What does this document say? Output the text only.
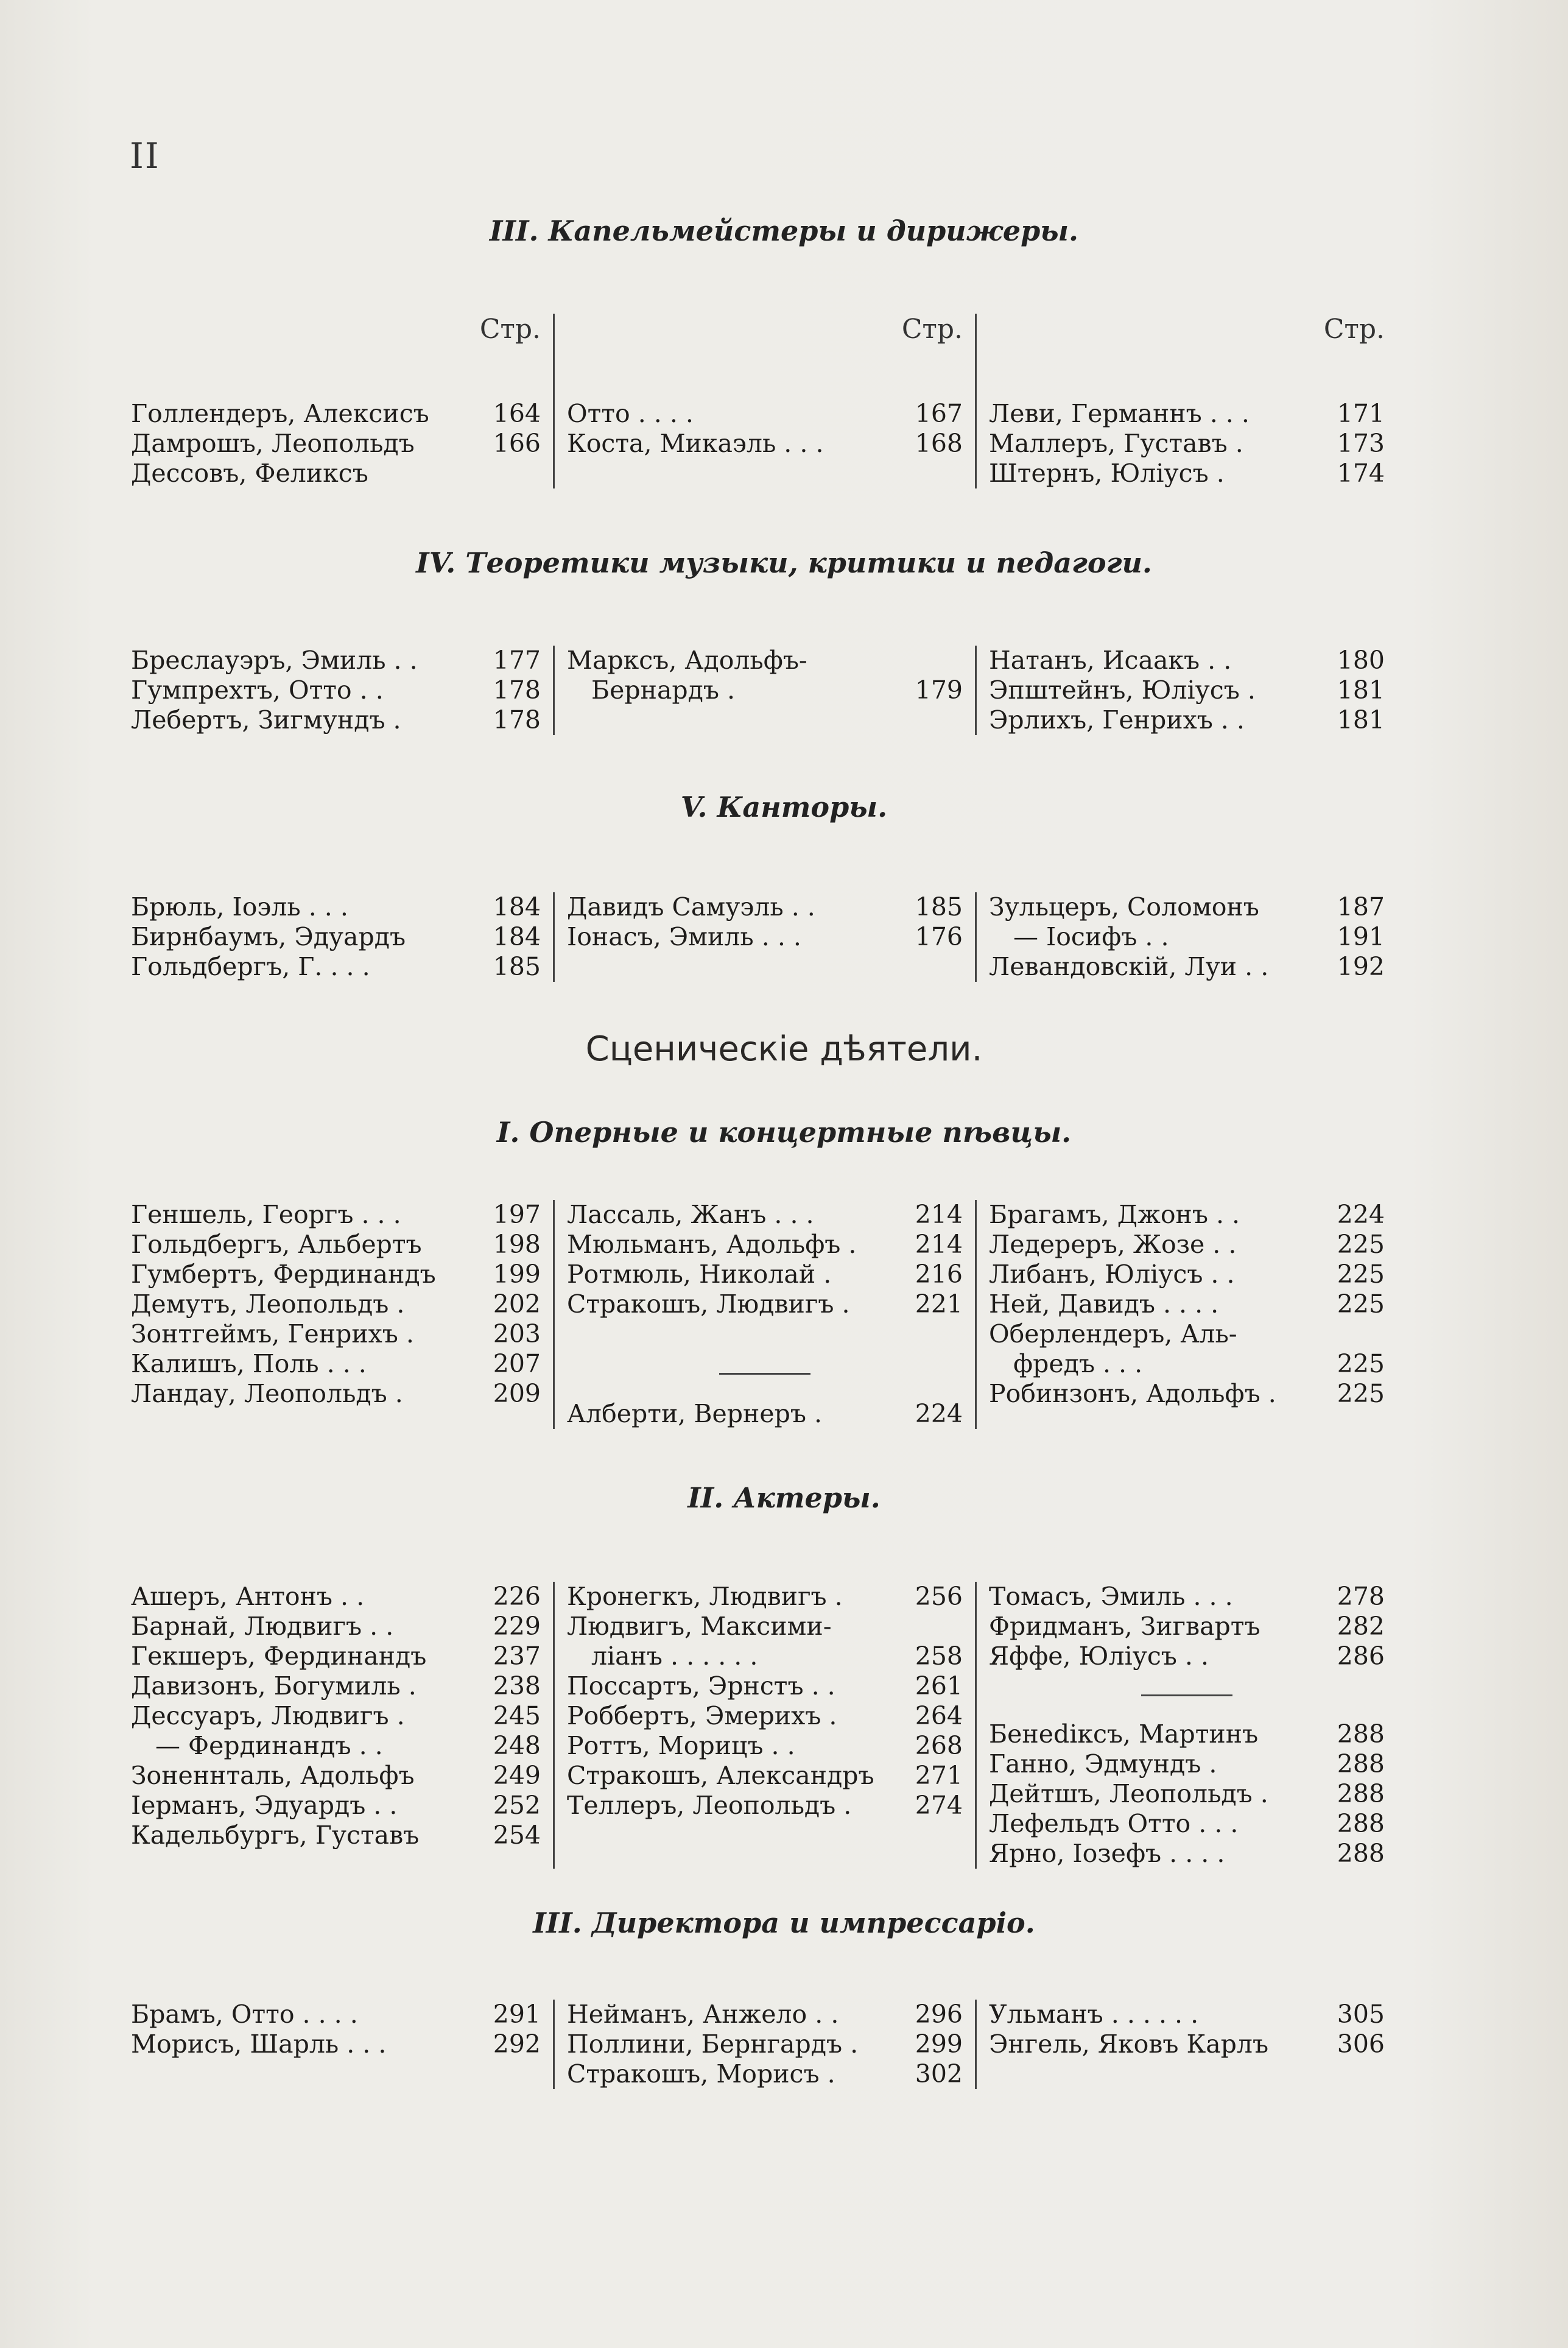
II
III. Капельмейстеры и дирижеры.
Стр.
Голлендеръ, Алексисъ	164
Дамрошъ, Леопольдъ	166
Дессовъ, Феликсъ
Стр.
Отто . . . .	167
Коста, Микаэль . . .	168
Стр.
Леви, Германнъ . . .	171
Маллеръ, Густавъ .	173
Штернъ, Юлiусъ .	174
IV. Теоретики музыки, критики и педагоги.
Бреслауэръ, Эмиль . .	177
Гумпрехтъ, Отто . .	178
Лебертъ, Зигмундъ .	178
Марксъ, Адольфъ-
Бернардъ .	179
Натанъ, Исаакъ . .	180
Эпштейнъ, Юлiусъ .	181
Эрлихъ, Генрихъ . .	181
V. Канторы.
Брюль, Iоэль . . .	184
Бирнбаумъ, Эдуардъ	184
Гольдбергъ, Г. . . .	185
Давидъ Самуэль . .	185
Iонасъ, Эмиль . . .	176
Зульцеръ, Соломонъ	187
— Iосифъ . .	191
Левандовскiй, Луи . .	192
Сценическiе дѣятели.
I. Оперные и концертные пѣвцы.
Геншель, Георгъ . . .	197
Гольдбергъ, Альбертъ	198
Гумбертъ, Фердинандъ 199
Демутъ, Леопольдъ .	202
Зонтгеймъ, Генрихъ .	203
Калишъ, Поль . . .	207
Ландау, Леопольдъ .	209
Лассаль, Жанъ . . .	214
Мюльманъ, Адольфъ . 214
Ротмюль, Николай .	216
Стракошъ, Людвигъ .	221
Алберти, Вернеръ .	224
Брагамъ, Джонъ . .	224
Ледереръ, Жозе . .	225
Либанъ, Юлiусъ . .	225
Ней, Давидъ . . . .	225
Оберлендеръ, Аль-
фредъ . . .	225
Робинзонъ, Адольфъ . 225
II. Актеры.
Ашеръ, Антонъ . .	226
Барнай, Людвигъ . .	229
Гекшеръ, Фердинандъ	237
Давизонъ, Богумиль .	238
Дессуаръ, Людвигъ .	245
— Фердинандъ . .	248
Зоненнталь, Адольфъ	249
Iерманъ, Эдуардъ . .	252
Кадельбургъ, Густавъ	254
Кронегкъ, Людвигъ .	256
Людвигъ, Максими-
лiанъ . . . . . .	258
Поссартъ, Эрнстъ . .	261
Роббертъ, Эмерихъ .	264
Роттъ, Морицъ . .	268
Стракошъ, Александръ 271
Теллеръ, Леопольдъ .	274
Томасъ, Эмиль . . .	278
Фридманъ, Зигвартъ	282
Яффе, Юлiусъ . .	286
Бенediксъ, Мартинъ	288
Ганно, Эдмундъ .	288
Дейтшъ, Леопольдъ .	288
Лефельдъ Отто . . .	288
Ярно, Iозефъ . . . .	288
III. Директора и импрессарiо.
Брамъ, Отто . . . .	291
Морисъ, Шарль . . .	292
Нейманъ, Анжело . .	296
Поллини, Бернгардъ . 299
Стракошъ, Морисъ .	302
Ульманъ . . . . . .	305
Энгель, Яковъ Карлъ	306
